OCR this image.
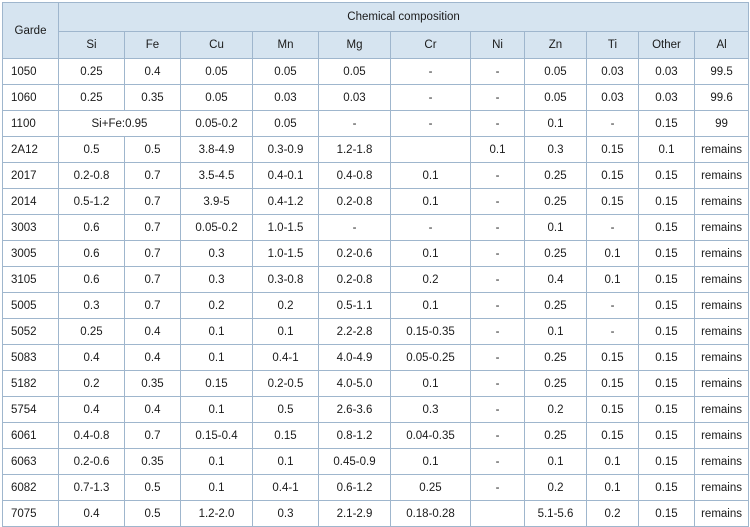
Garde	Chemical composition										
	Si	Fe	Cu	Mn	Mg	Cr	Ni	Zn	Ti	Other	Al
1050	0.25	0.4	0.05	0.05	0.05	-	-	0.05	0.03	0.03	99.5
1060	0.25	0.35	0.05	0.03	0.03	-	-	0.05	0.03	0.03	99.6
1100	Si+Fe:0.95		0.05-0.2	0.05	-	-	-	0.1	-	0.15	99
2A12	0.5	0.5	3.8-4.9	0.3-0.9	1.2-1.8		0.1	0.3	0.15	0.1	remains
2017	0.2-0.8	0.7	3.5-4.5	0.4-0.1	0.4-0.8	0.1	-	0.25	0.15	0.15	remains
2014	0.5-1.2	0.7	3.9-5	0.4-1.2	0.2-0.8	0.1	-	0.25	0.15	0.15	remains
3003	0.6	0.7	0.05-0.2	1.0-1.5	-	-	-	0.1	-	0.15	remains
3005	0.6	0.7	0.3	1.0-1.5	0.2-0.6	0.1	-	0.25	0.1	0.15	remains
3105	0.6	0.7	0.3	0.3-0.8	0.2-0.8	0.2	-	0.4	0.1	0.15	remains
5005	0.3	0.7	0.2	0.2	0.5-1.1	0.1	-	0.25	-	0.15	remains
5052	0.25	0.4	0.1	0.1	2.2-2.8	0.15-0.35	-	0.1	-	0.15	remains
5083	0.4	0.4	0.1	0.4-1	4.0-4.9	0.05-0.25	-	0.25	0.15	0.15	remains
5182	0.2	0.35	0.15	0.2-0.5	4.0-5.0	0.1	-	0.25	0.15	0.15	remains
5754	0.4	0.4	0.1	0.5	2.6-3.6	0.3	-	0.2	0.15	0.15	remains
6061	0.4-0.8	0.7	0.15-0.4	0.15	0.8-1.2	0.04-0.35	-	0.25	0.15	0.15	remains
6063	0.2-0.6	0.35	0.1	0.1	0.45-0.9	0.1	-	0.1	0.1	0.15	remains
6082	0.7-1.3	0.5	0.1	0.4-1	0.6-1.2	0.25	-	0.2	0.1	0.15	remains
7075	0.4	0.5	1.2-2.0	0.3	2.1-2.9	0.18-0.28		5.1-5.6	0.2	0.15	remains
